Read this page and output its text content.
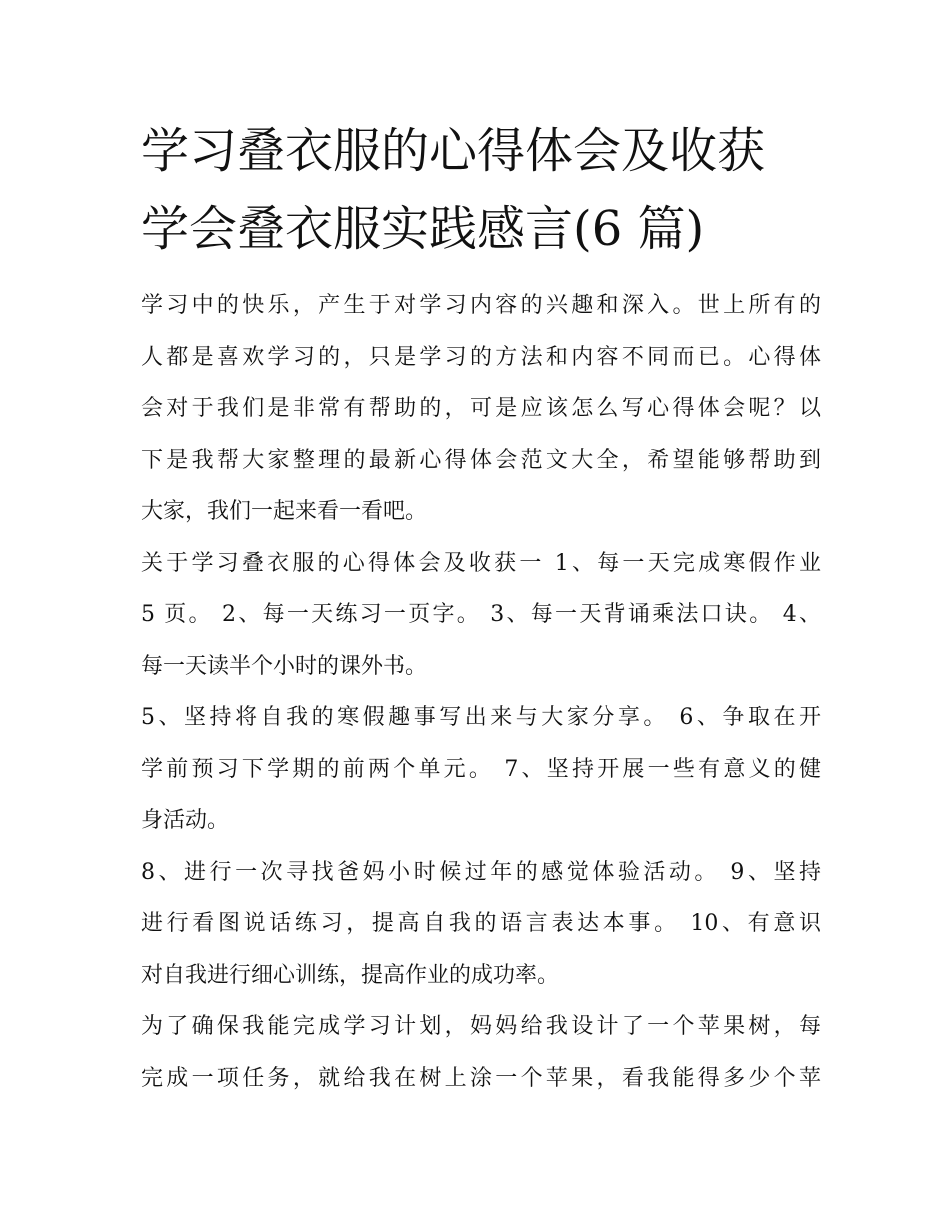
学习叠衣服的心得体会及收获
学会叠衣服实践感言(6 篇)

学习中的快乐，产生于对学习内容的兴趣和深入。世上所有的
人都是喜欢学习的，只是学习的方法和内容不同而已。心得体
会对于我们是非常有帮助的，可是应该怎么写心得体会呢？以
下是我帮大家整理的最新心得体会范文大全，希望能够帮助到
大家，我们一起来看一看吧。

关于学习叠衣服的心得体会及收获一 1、每一天完成寒假作业
5 页。 2、每一天练习一页字。 3、每一天背诵乘法口诀。 4、
每一天读半个小时的课外书。

5、坚持将自我的寒假趣事写出来与大家分享。 6、争取在开
学前预习下学期的前两个单元。 7、坚持开展一些有意义的健
身活动。

8、进行一次寻找爸妈小时候过年的感觉体验活动。 9、坚持
进行看图说话练习，提高自我的语言表达本事。 10、有意识
对自我进行细心训练，提高作业的成功率。

为了确保我能完成学习计划，妈妈给我设计了一个苹果树，每
完成一项任务，就给我在树上涂一个苹果，看我能得多少个苹
